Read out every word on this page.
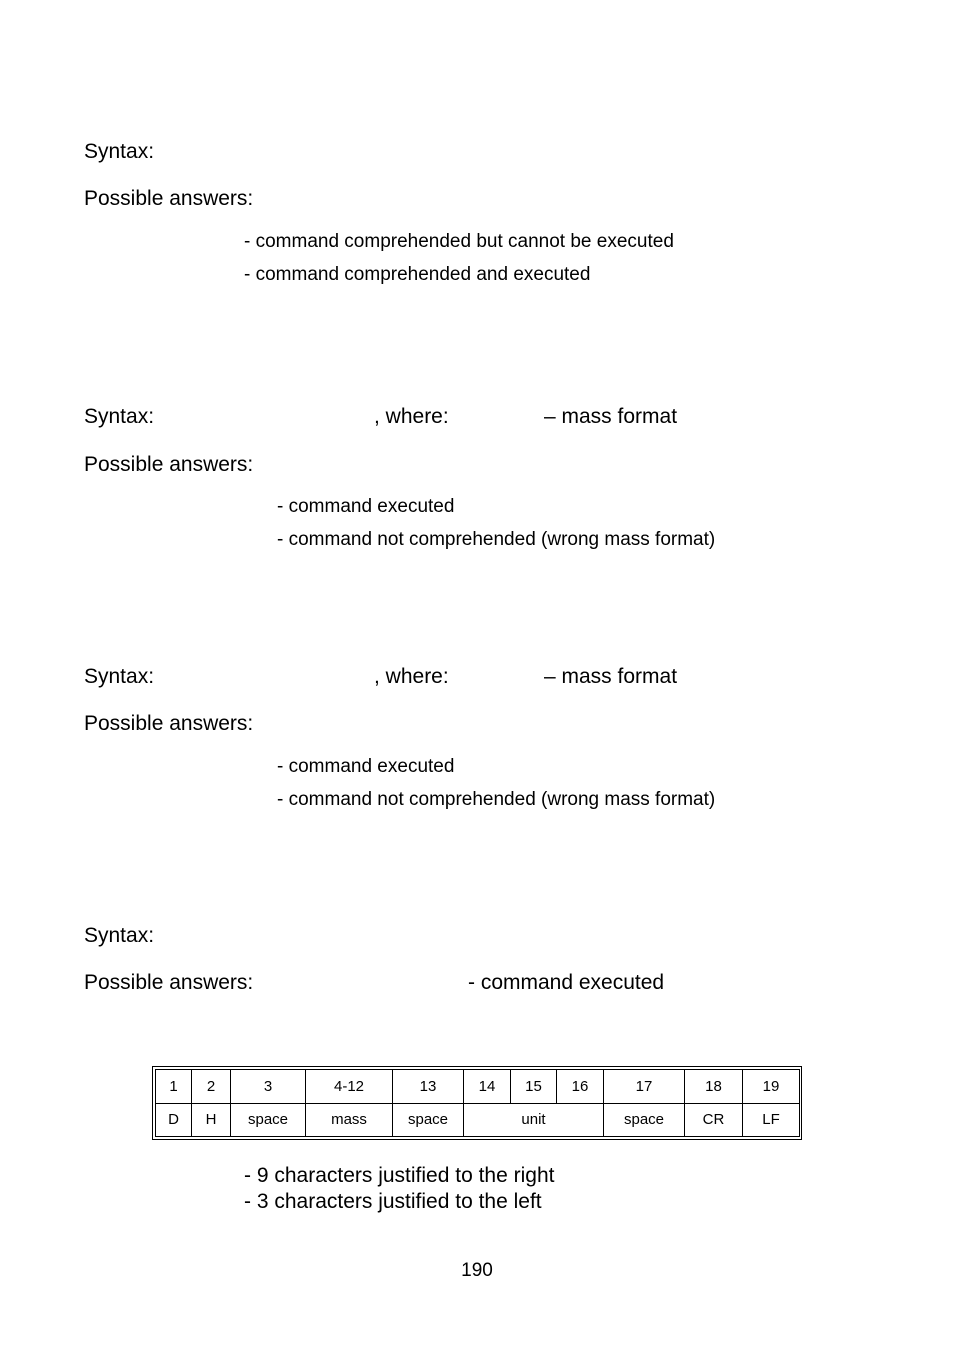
Syntax:
Possible answers:
- command comprehended but cannot be executed
- command comprehended and executed
Syntax:	, where:	– mass format
Possible answers:
- command executed
- command not comprehended (wrong mass format)
Syntax:	, where:	– mass format
Possible answers:
- command executed
- command not comprehended (wrong mass format)
Syntax:
Possible answers:	- command executed
1	2	3	4-12	13	14	15	16	17	18	19
D	H	space	mass	space	unit			space	CR	LF
- 9 characters justified to the right
- 3 characters justified to the left
190
